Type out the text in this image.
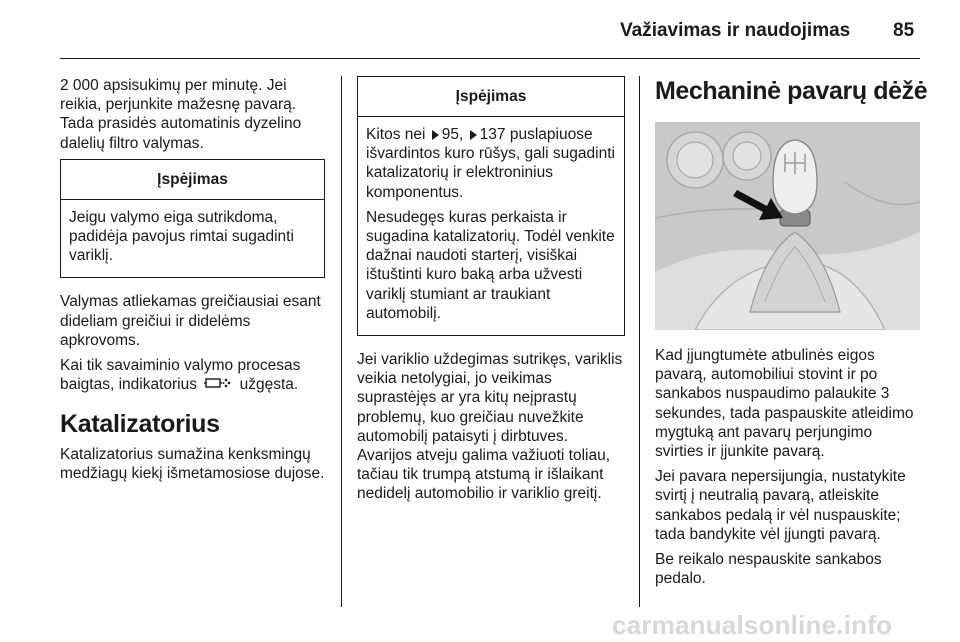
Važiavimas ir naudojimas 85

2 000 apsisukimų per minutę. Jei reikia, perjunkite mažesnę pavarą. Tada prasidės automatinis dyzelino dalelių filtro valymas.

Įspėjimas

Jeigu valymo eiga sutrikdoma, padidėja pavojus rimtai sugadinti variklį.

Valymas atliekamas greičiausiai esant dideliam greičiui ir didelėms apkrovoms.

Kai tik savaiminio valymo procesas baigtas, indikatorius	užgęsta.

Katalizatorius

Katalizatorius sumažina kenksmingų medžiagų kiekį išmetamosiose dujose.

Įspėjimas

Kitos nei 95, 137 puslapiuose išvardintos kuro rūšys, gali sugadinti katalizatorių ir elektroninius komponentus.

Nesudegęs kuras perkaista ir sugadina katalizatorių. Todėl venkite dažnai naudoti starterį, visiškai ištuštinti kuro baką arba užvesti variklį stumiant ar traukiant automobilį.

Jei variklio uždegimas sutrikęs, variklis veikia netolygiai, jo veikimas suprastėjęs ar yra kitų neįprastų problemų, kuo greičiau nuvežkite automobilį pataisyti į dirbtuves. Avarijos atveju galima važiuoti toliau, tačiau tik trumpą atstumą ir išlaikant nedidelį automobilio ir variklio greitį.

Mechaninė pavarų dėžė

Kad įjungtumėte atbulinės eigos pavarą, automobiliui stovint ir po sankabos nuspaudimo palaukite 3 sekundes, tada paspauskite atleidimo mygtuką ant pavarų perjungimo svirties ir įjunkite pavarą.

Jei pavara nepersijungia, nustatykite svirtį į neutralią pavarą, atleiskite sankabos pedalą ir vėl nuspauskite; tada bandykite vėl įjungti pavarą.

Be reikalo nespauskite sankabos pedalo.

carmanualsonline.info
